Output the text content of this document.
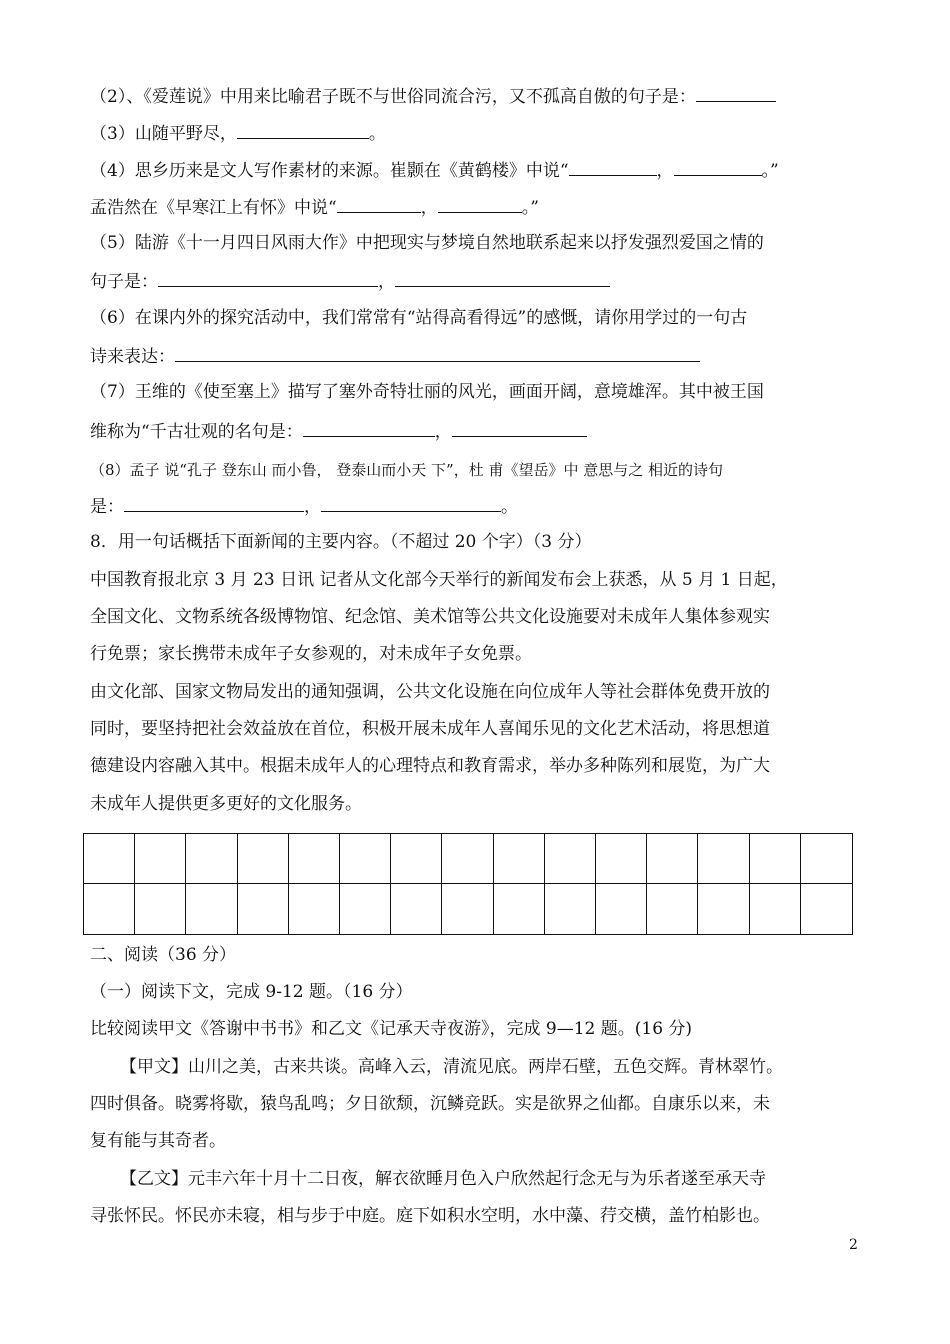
（2）、《爱莲说》中用来比喻君子既不与世俗同流合污，又不孤高自傲的句子是：
（3）山随平野尽，	。
（4）思乡历来是文人写作素材的来源。崔颢在《黄鹤楼》中说“	，	。”
孟浩然在《早寒江上有怀》中说“	，	。”
（5）陆游《十一月四日风雨大作》中把现实与梦境自然地联系起来以抒发强烈爱国之情的
句子是：	，
（6）在课内外的探究活动中，我们常常有“站得高看得远”的感慨，请你用学过的一句古
诗来表达：
（7）王维的《使至塞上》描写了塞外奇特壮丽的风光，画面开阔，意境雄浑。其中被王国
维称为“千古壮观的名句是：	，
（8）孟子 说“孔子 登东山 而小鲁， 登泰山而小天 下”，杜 甫《望岳》中 意思与之 相近的诗句
是：	，	。
8．用一句话概括下面新闻的主要内容。（不超过 20 个字）（3 分）
中国教育报北京 3 月 23 日讯 记者从文化部今天举行的新闻发布会上获悉，从 5 月 1 日起，
全国文化、文物系统各级博物馆、纪念馆、美术馆等公共文化设施要对未成年人集体参观实
行免票；家长携带未成年子女参观的，对未成年子女免票。
由文化部、国家文物局发出的通知强调，公共文化设施在向位成年人等社会群体免费开放的
同时，要坚持把社会效益放在首位，积极开展未成年人喜闻乐见的文化艺术活动，将思想道
德建设内容融入其中。根据未成年人的心理特点和教育需求，举办多种陈列和展览，为广大
未成年人提供更多更好的文化服务。
二、阅读（36 分）
（一）阅读下文，完成 9-12 题。（16 分）
比较阅读甲文《答谢中书书》和乙文《记承天寺夜游》，完成 9—12 题。(16 分)
【甲文】山川之美，古来共谈。高峰入云，清流见底。两岸石壁，五色交辉。青林翠竹。
四时俱备。晓雾将歇，猿鸟乱鸣；夕日欲颓，沉鳞竞跃。实是欲界之仙都。自康乐以来，未
复有能与其奇者。
【乙文】元丰六年十月十二日夜，解衣欲睡月色入户欣然起行念无与为乐者遂至承天寺
寻张怀民。怀民亦未寝，相与步于中庭。庭下如积水空明，水中藻、荇交横，盖竹柏影也。
2
